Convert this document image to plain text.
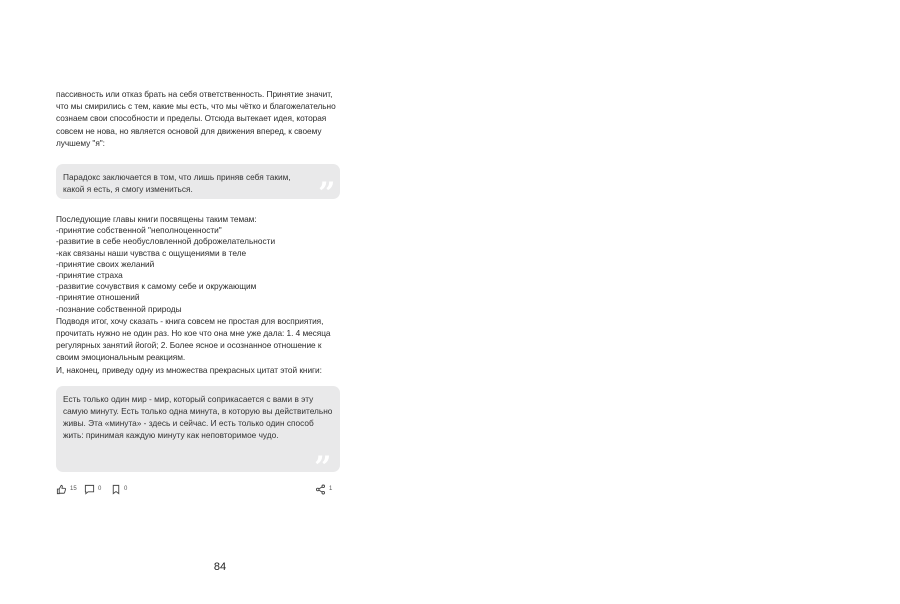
пассивность или отказ брать на себя ответственность. Принятие значит, что мы смирились с тем, какие мы есть, что мы чётко и благожелательно сознаем свои способности и пределы. Отсюда вытекает идея, которая совсем не нова, но является основой для движения вперед, к своему лучшему "я":

Парадокс заключается в том, что лишь приняв себя таким, какой я есть, я смогу измениться.	„

Последующие главы книги посвящены таким темам:

-принятие собственной "неполноценности"
-развитие в себе необусловленной доброжелательности
-как связаны наши чувства с ощущениями в теле
-принятие своих желаний
-принятие страха
-развитие сочувствия к самому себе и окружающим
-принятие отношений
-познание собственной природы

Подводя итог, хочу сказать - книга совсем не простая для восприятия, прочитать нужно не один раз. Но кое что она мне уже дала: 1. 4 месяца регулярных занятий йогой; 2. Более ясное и осознанное отношение к своим эмоциональным реакциям.

И, наконец, приведу одну из множества прекрасных цитат этой книги:

Есть только один мир - мир, который соприкасается с вами в эту самую минуту. Есть только одна минута, в которую вы действительно живы. Эта «минута» - здесь и сейчас. И есть только один способ жить: принимая каждую минуту как неповторимое чудо.	„
15	0	0	1
84
